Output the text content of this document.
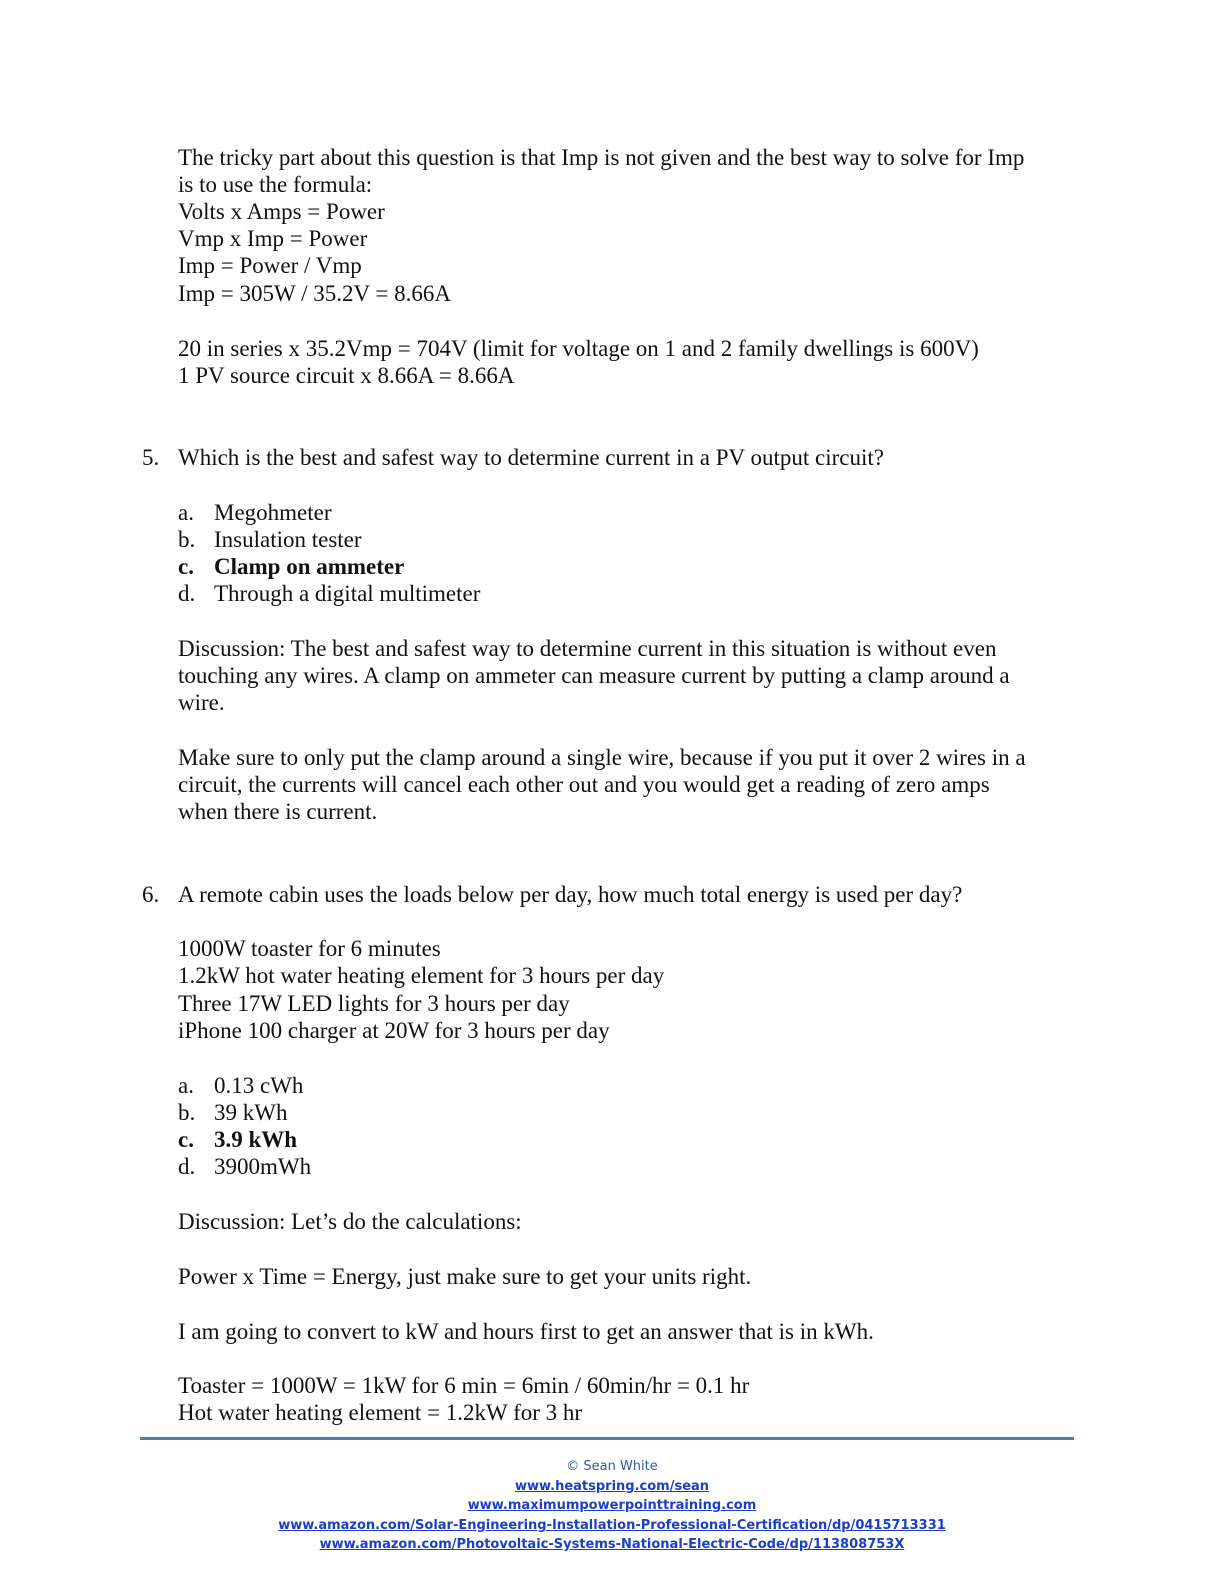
The tricky part about this question is that Imp is not given and the best way to solve for Imp
is to use the formula:
Volts x Amps = Power
Vmp x Imp = Power
Imp = Power / Vmp
Imp = 305W / 35.2V = 8.66A
20 in series x 35.2Vmp = 704V (limit for voltage on 1 and 2 family dwellings is 600V)
1 PV source circuit x 8.66A = 8.66A
5. Which is the best and safest way to determine current in a PV output circuit?
a. Megohmeter
b. Insulation tester
c. Clamp on ammeter
d. Through a digital multimeter
Discussion: The best and safest way to determine current in this situation is without even
touching any wires. A clamp on ammeter can measure current by putting a clamp around a
wire.
Make sure to only put the clamp around a single wire, because if you put it over 2 wires in a
circuit, the currents will cancel each other out and you would get a reading of zero amps
when there is current.
6. A remote cabin uses the loads below per day, how much total energy is used per day?
1000W toaster for 6 minutes
1.2kW hot water heating element for 3 hours per day
Three 17W LED lights for 3 hours per day
iPhone 100 charger at 20W for 3 hours per day
a. 0.13 cWh
b. 39 kWh
c. 3.9 kWh
d. 3900mWh
Discussion: Let’s do the calculations:
Power x Time = Energy, just make sure to get your units right.
I am going to convert to kW and hours first to get an answer that is in kWh.
Toaster = 1000W = 1kW for 6 min = 6min / 60min/hr = 0.1 hr
Hot water heating element = 1.2kW for 3 hr
© Sean White
www.heatspring.com/sean
www.maximumpowerpointtraining.com
www.amazon.com/Solar-Engineering-Installation-Professional-Certification/dp/0415713331
www.amazon.com/Photovoltaic-Systems-National-Electric-Code/dp/113808753X
